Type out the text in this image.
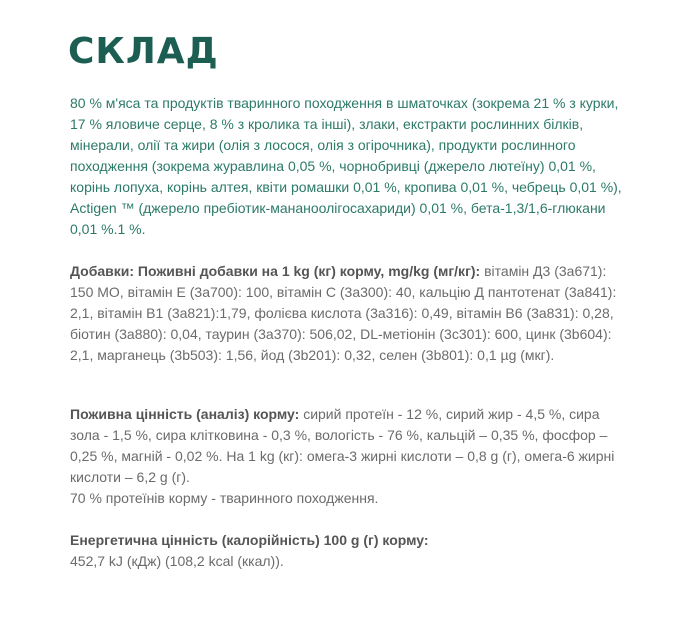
СКЛАД

80 % м'яса та продуктів тваринного походження в шматочках (зокрема 21 % з курки, 17 % яловиче серце, 8 % з кролика та інші), злаки, екстракти рослинних білків, мінерали, олії та жири (олія з лосося, олія з огірочника), продукти рослинного походження (зокрема журавлина 0,05 %, чорнобривці (джерело лютеїну) 0,01 %, корінь лопуха, корінь алтея, квіти ромашки 0,01 %, кропива 0,01 %, чебрець 0,01 %), Actigen ™ (джерело пребіотик-мананоолігосахариди) 0,01 %, бета-1,3/1,6-глюкани 0,01 %.1 %.

Добавки: Поживні добавки на 1 kg (кг) корму, mg/kg (мг/кг): вітамін Д3 (3а671): 150 МО, вітамін Е (3а700): 100, вітамін С (3а300): 40, кальцію Д пантотенат (3а841): 2,1, вітамін В1 (3а821):1,79, фолієва кислота (3а316): 0,49, вітамін В6 (3а831): 0,28, біотин (3а880): 0,04, таурин (3а370): 506,02, DL-метіонін (3с301): 600, цинк (3b604): 2,1, марганець (3b503): 1,56, йод (3b201): 0,32, селен (3b801): 0,1 µg (мкг).

Поживна цінність (аналіз) корму: сирий протеїн - 12 %, сирий жир - 4,5 %, сира зола - 1,5 %, сира клітковина - 0,3 %, вологість - 76 %, кальцій – 0,35 %, фосфор – 0,25 %, магній - 0,02 %. На 1 kg (кг): омега-3 жирні кислоти – 0,8 g (г), омега-6 жирні кислоти – 6,2 g (г).
70 % протеїнів корму - тваринного походження.

Енергетична цінність (калорійність) 100 g (г) корму:
452,7 kJ (кДж) (108,2 kcal (ккал)).
